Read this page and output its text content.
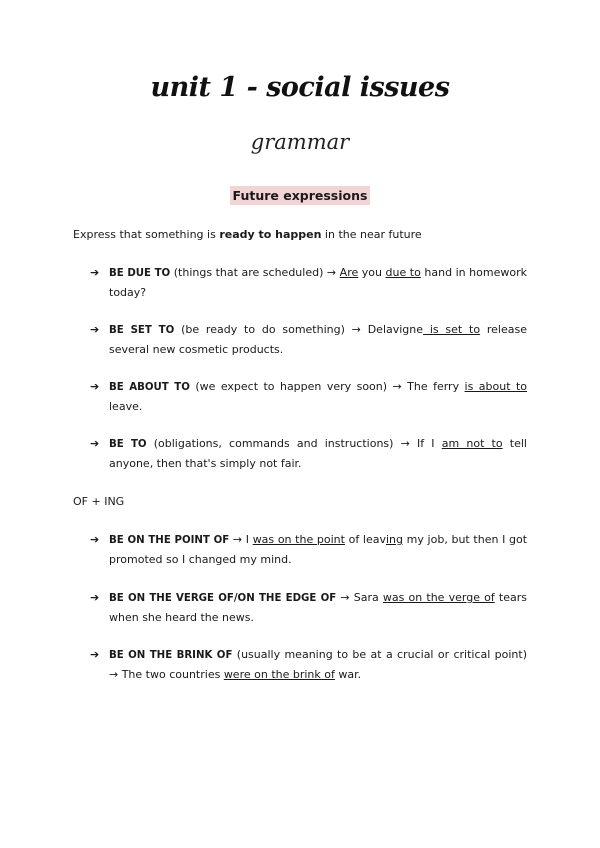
unit 1 - social issues
grammar
Future expressions
Express that something is ready to happen in the near future
➔ BE DUE TO (things that are scheduled) → Are you due to hand in homework today?
➔ BE SET TO (be ready to do something) → Delavigne is set to release several new cosmetic products.
➔ BE ABOUT TO (we expect to happen very soon) → The ferry is about to leave.
➔ BE TO (obligations, commands and instructions) → If I am not to tell anyone, then that's simply not fair.
OF + ING
➔ BE ON THE POINT OF → I was on the point of leaving my job, but then I got promoted so I changed my mind.
➔ BE ON THE VERGE OF/ON THE EDGE OF → Sara was on the verge of tears when she heard the news.
➔ BE ON THE BRINK OF (usually meaning to be at a crucial or critical point) → The two countries were on the brink of war.
